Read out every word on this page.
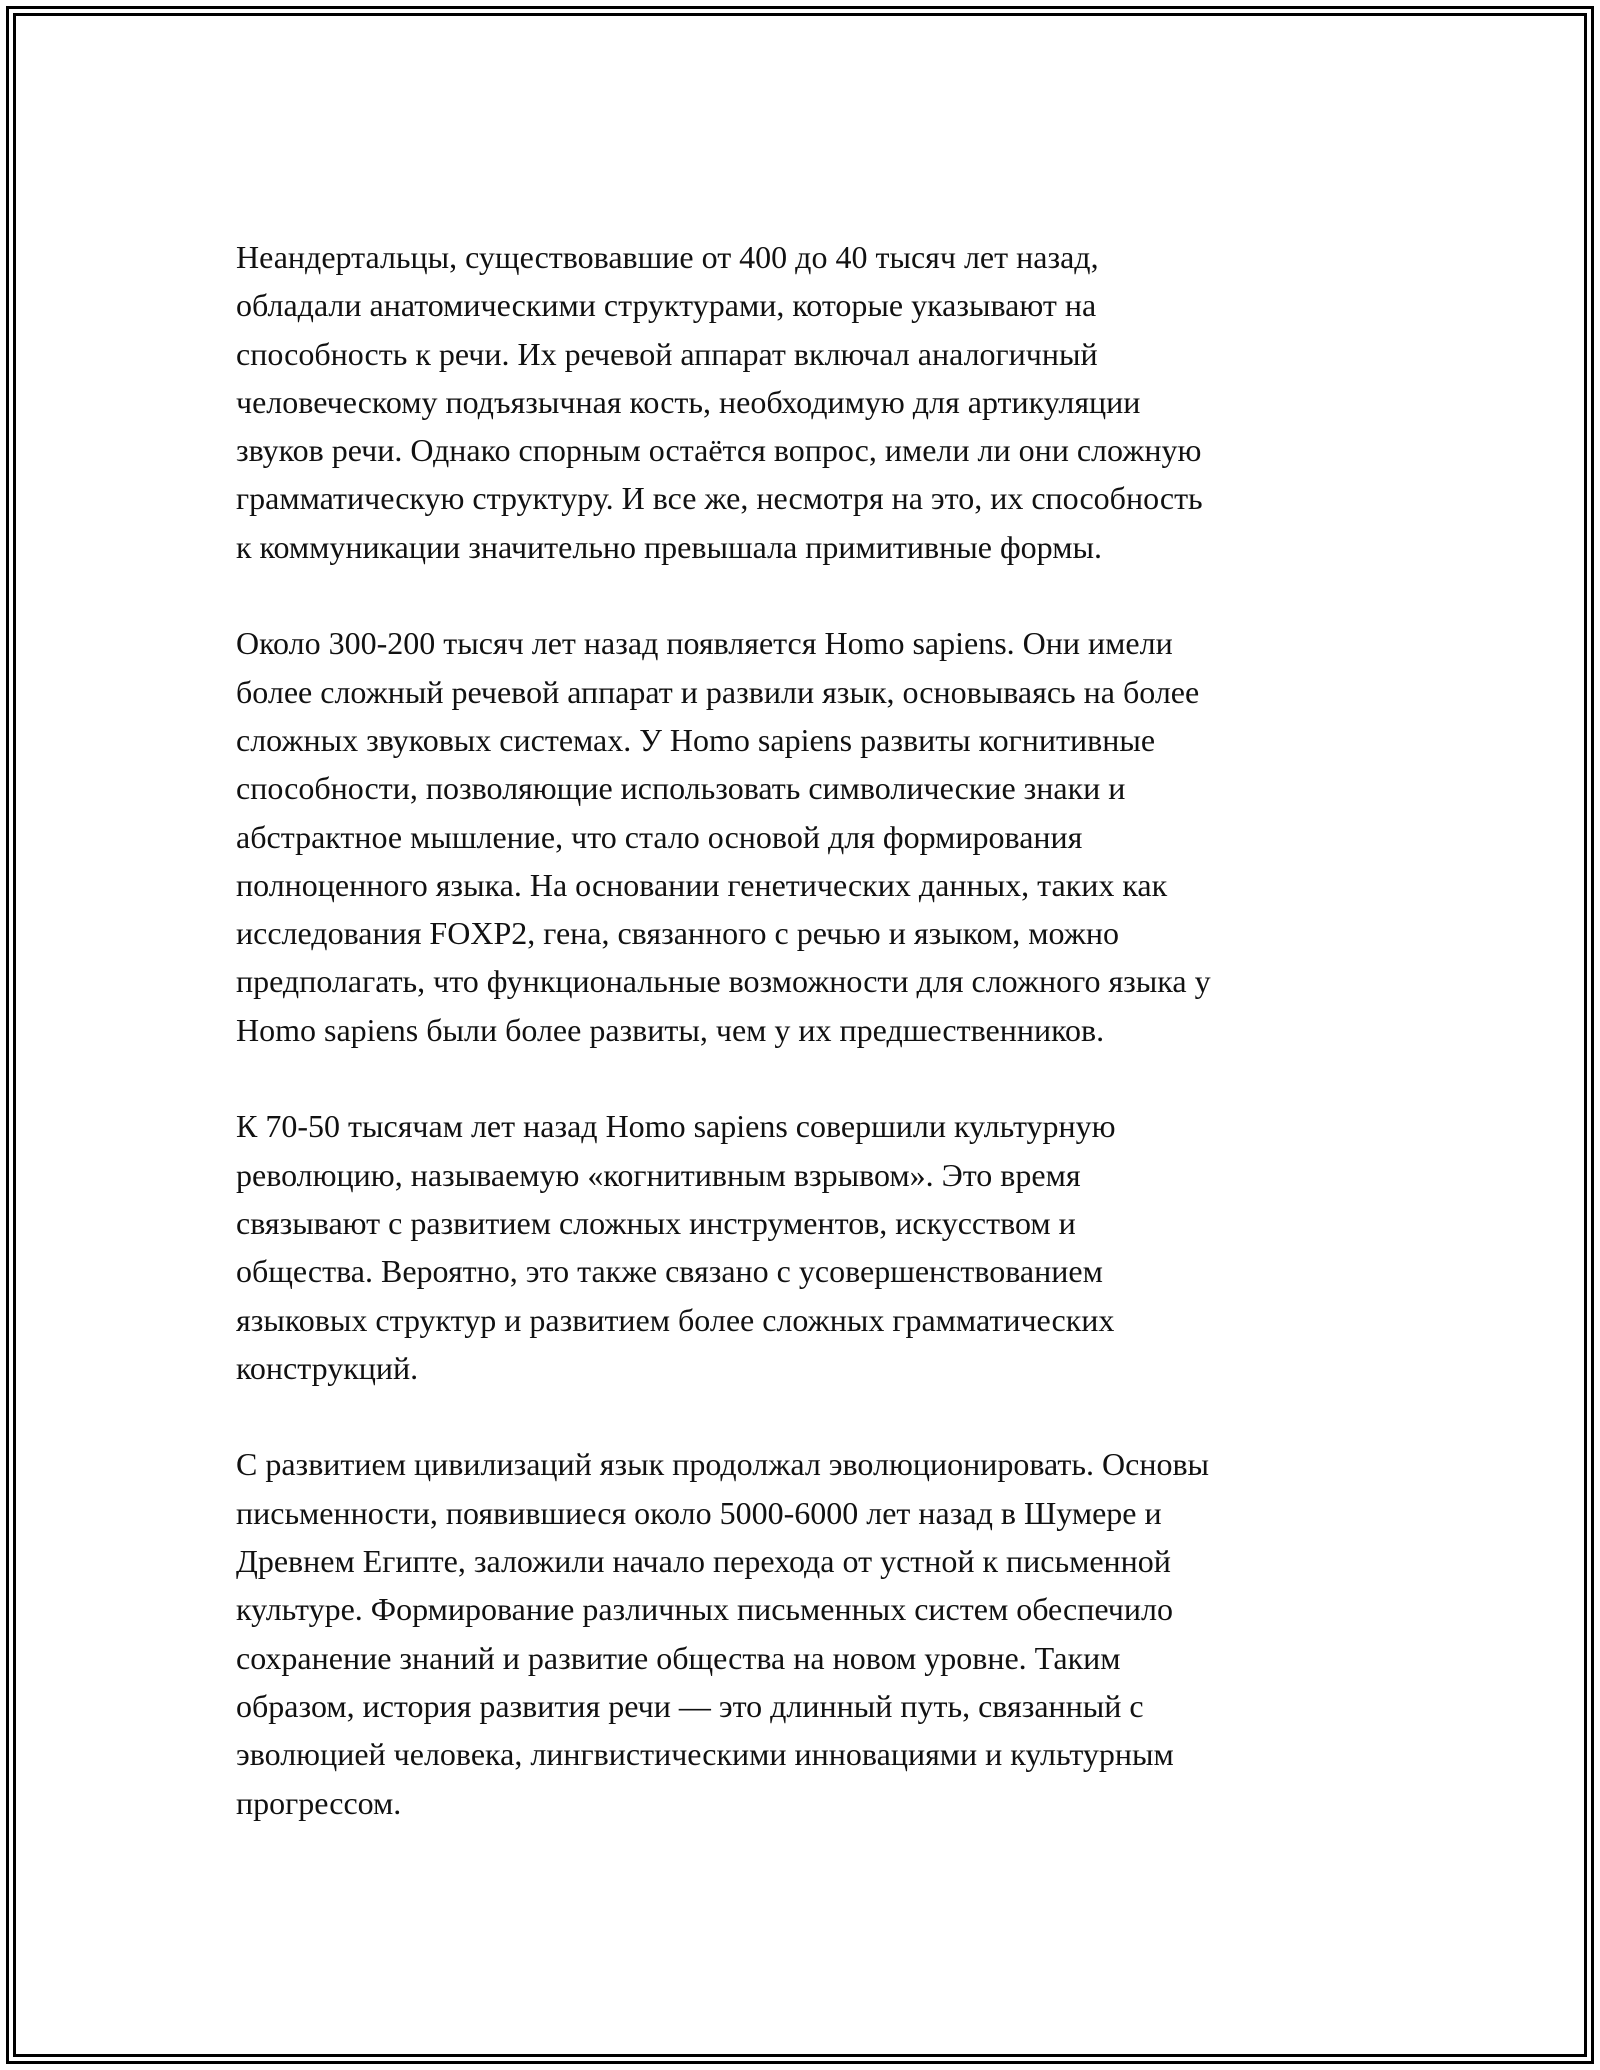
Неандертальцы, существовавшие от 400 до 40 тысяч лет назад,
обладали анатомическими структурами, которые указывают на
способность к речи. Их речевой аппарат включал аналогичный
человеческому подъязычная кость, необходимую для артикуляции
звуков речи. Однако спорным остаётся вопрос, имели ли они сложную
грамматическую структуру. И все же, несмотря на это, их способность
к коммуникации значительно превышала примитивные формы.

Около 300-200 тысяч лет назад появляется Homo sapiens. Они имели
более сложный речевой аппарат и развили язык, основываясь на более
сложных звуковых системах. У Homo sapiens развиты когнитивные
способности, позволяющие использовать символические знаки и
абстрактное мышление, что стало основой для формирования
полноценного языка. На основании генетических данных, таких как
исследования FOXP2, гена, связанного с речью и языком, можно
предполагать, что функциональные возможности для сложного языка у
Homo sapiens были более развиты, чем у их предшественников.

К 70-50 тысячам лет назад Homo sapiens совершили культурную
революцию, называемую «когнитивным взрывом». Это время
связывают с развитием сложных инструментов, искусством и
общества. Вероятно, это также связано с усовершенствованием
языковых структур и развитием более сложных грамматических
конструкций.

С развитием цивилизаций язык продолжал эволюционировать. Основы
письменности, появившиеся около 5000-6000 лет назад в Шумере и
Древнем Египте, заложили начало перехода от устной к письменной
культуре. Формирование различных письменных систем обеспечило
сохранение знаний и развитие общества на новом уровне. Таким
образом, история развития речи — это длинный путь, связанный с
эволюцией человека, лингвистическими инновациями и культурным
прогрессом.
